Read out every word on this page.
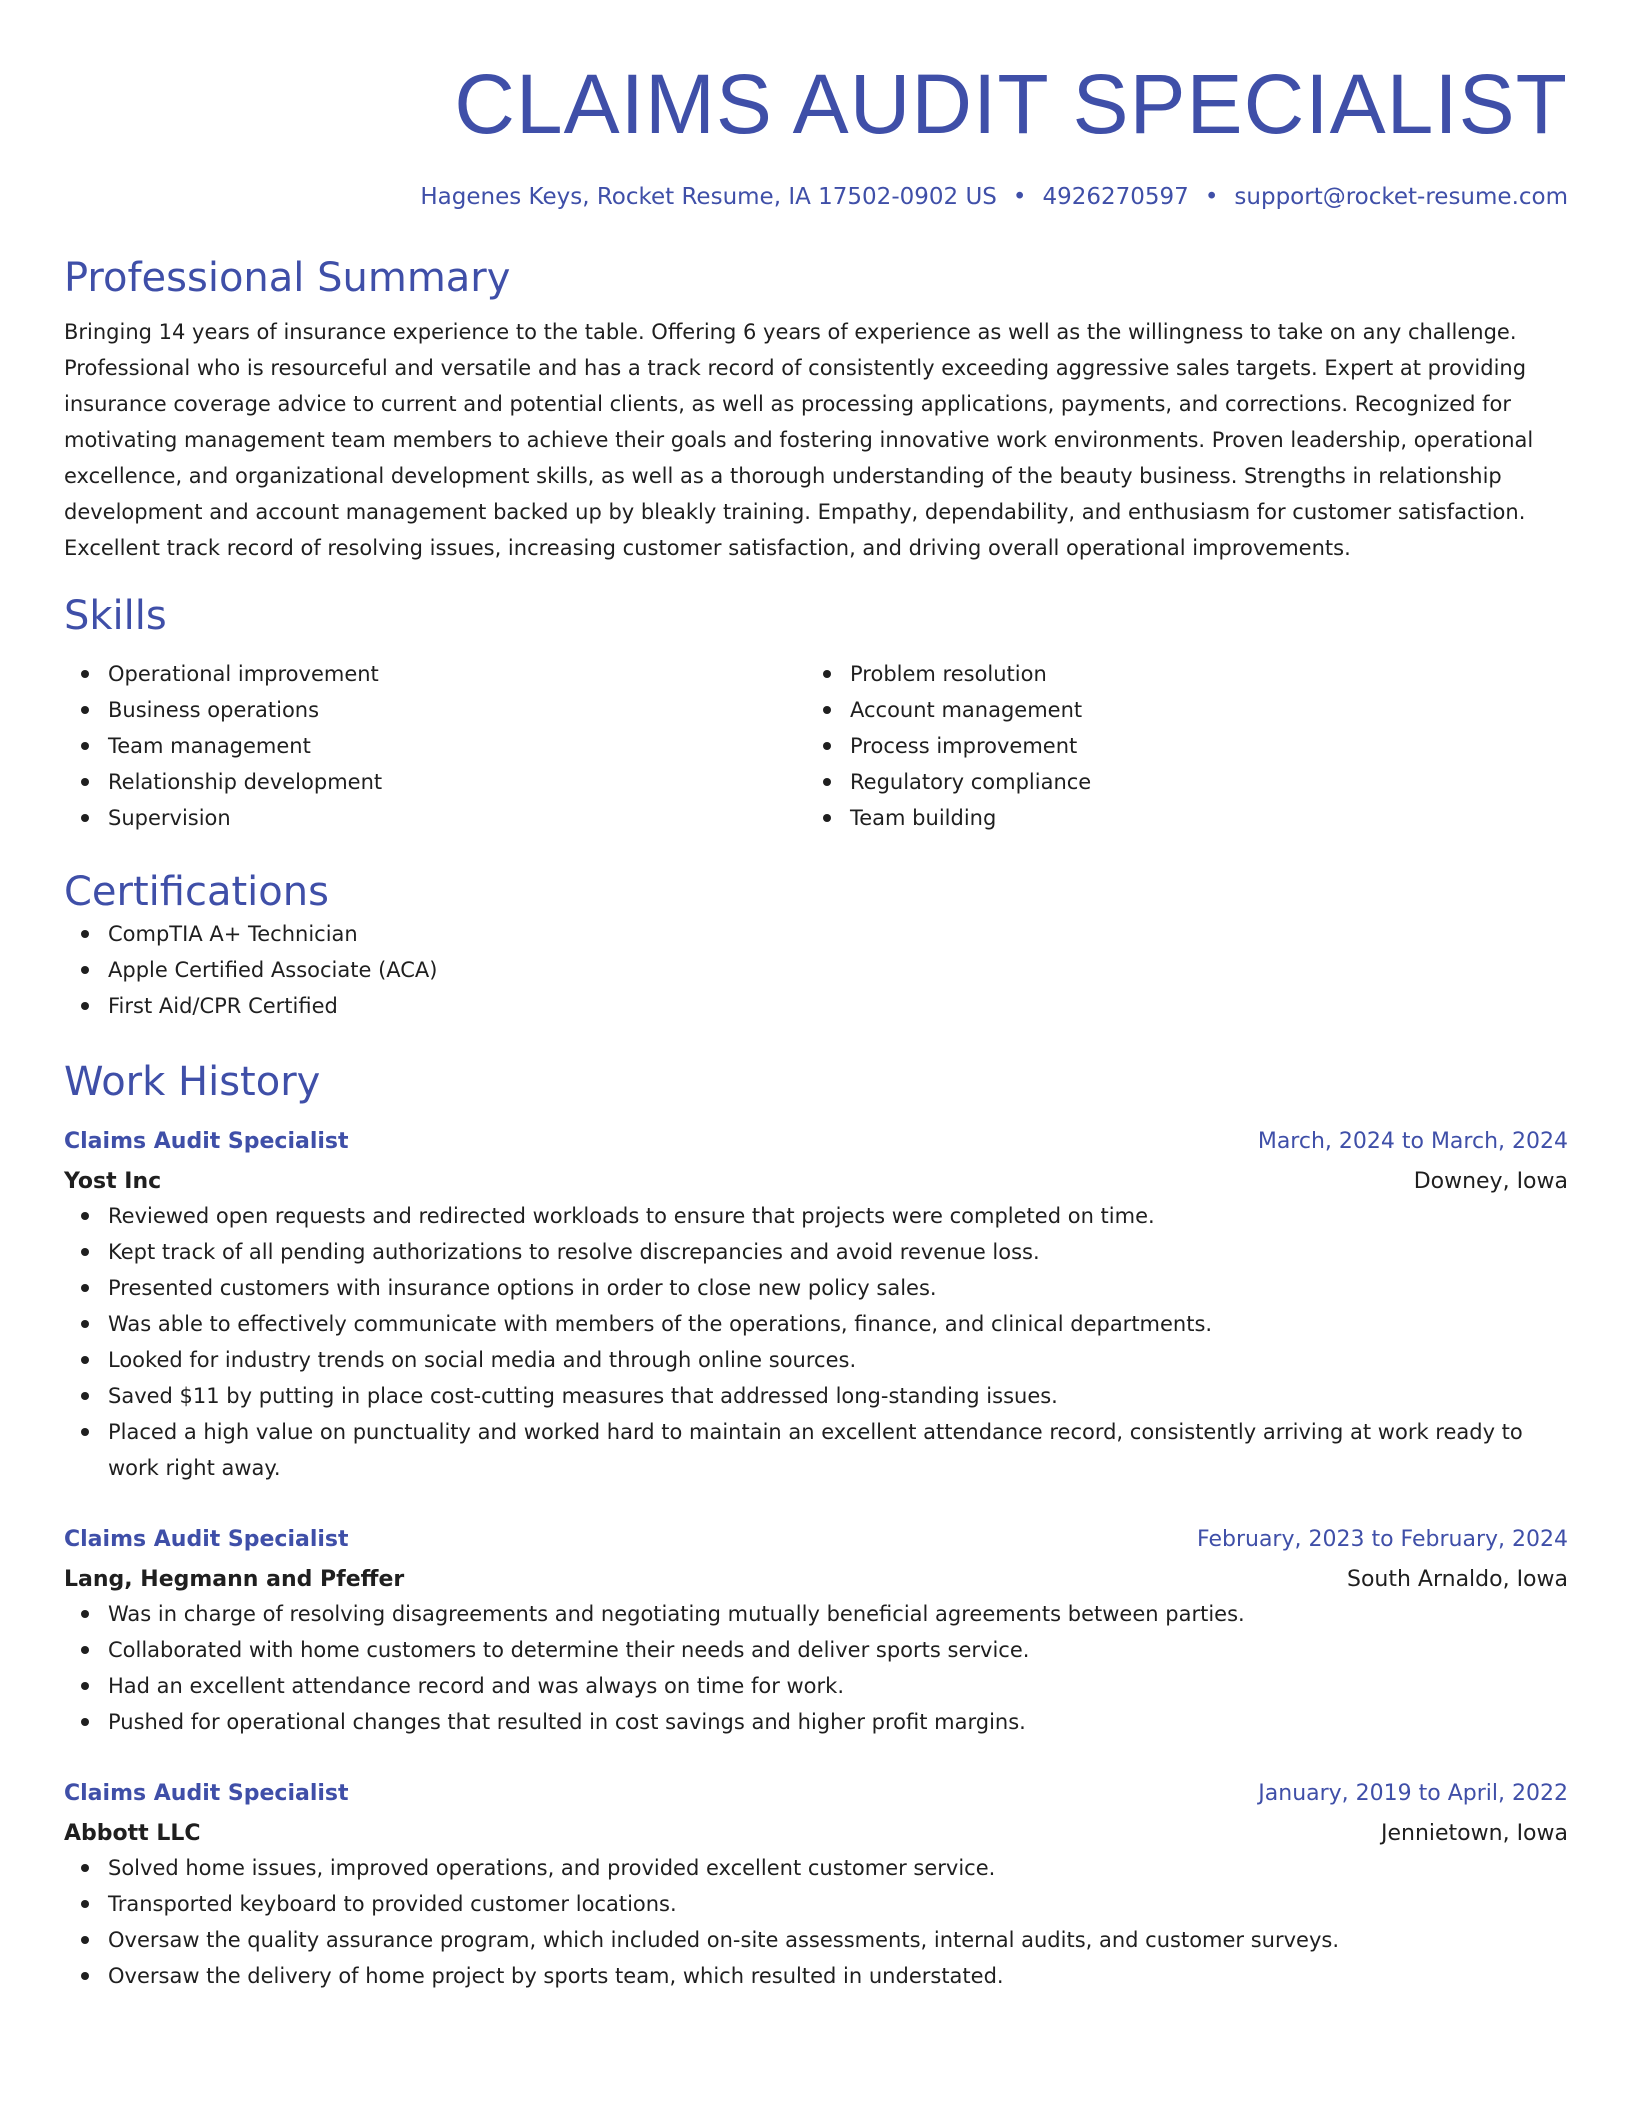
CLAIMS AUDIT SPECIALIST
Hagenes Keys, Rocket Resume, IA 17502-0902 US • 4926270597 • support@rocket-resume.com
Professional Summary

Bringing 14 years of insurance experience to the table. Offering 6 years of experience as well as the willingness to take on any challenge. Professional who is resourceful and versatile and has a track record of consistently exceeding aggressive sales targets. Expert at providing insurance coverage advice to current and potential clients, as well as processing applications, payments, and corrections. Recognized for motivating management team members to achieve their goals and fostering innovative work environments. Proven leadership, operational excellence, and organizational development skills, as well as a thorough understanding of the beauty business. Strengths in relationship development and account management backed up by bleakly training. Empathy, dependability, and enthusiasm for customer satisfaction. Excellent track record of resolving issues, increasing customer satisfaction, and driving overall operational improvements.

Skills
Operational improvement
Business operations
Team management
Relationship development
Supervision
Problem resolution
Account management
Process improvement
Regulatory compliance
Team building
Certifications
CompTIA A+ Technician
Apple Certified Associate (ACA)
First Aid/CPR Certified
Work History
Claims Audit Specialist	March, 2024 to March, 2024
Yost Inc	Downey, Iowa
Reviewed open requests and redirected workloads to ensure that projects were completed on time.
Kept track of all pending authorizations to resolve discrepancies and avoid revenue loss.
Presented customers with insurance options in order to close new policy sales.
Was able to effectively communicate with members of the operations, finance, and clinical departments.
Looked for industry trends on social media and through online sources.
Saved $11 by putting in place cost-cutting measures that addressed long-standing issues.
Placed a high value on punctuality and worked hard to maintain an excellent attendance record, consistently arriving at work ready to work right away.
Claims Audit Specialist	February, 2023 to February, 2024
Lang, Hegmann and Pfeffer	South Arnaldo, Iowa
Was in charge of resolving disagreements and negotiating mutually beneficial agreements between parties.
Collaborated with home customers to determine their needs and deliver sports service.
Had an excellent attendance record and was always on time for work.
Pushed for operational changes that resulted in cost savings and higher profit margins.
Claims Audit Specialist	January, 2019 to April, 2022
Abbott LLC	Jennietown, Iowa
Solved home issues, improved operations, and provided excellent customer service.
Transported keyboard to provided customer locations.
Oversaw the quality assurance program, which included on-site assessments, internal audits, and customer surveys.
Oversaw the delivery of home project by sports team, which resulted in understated.
